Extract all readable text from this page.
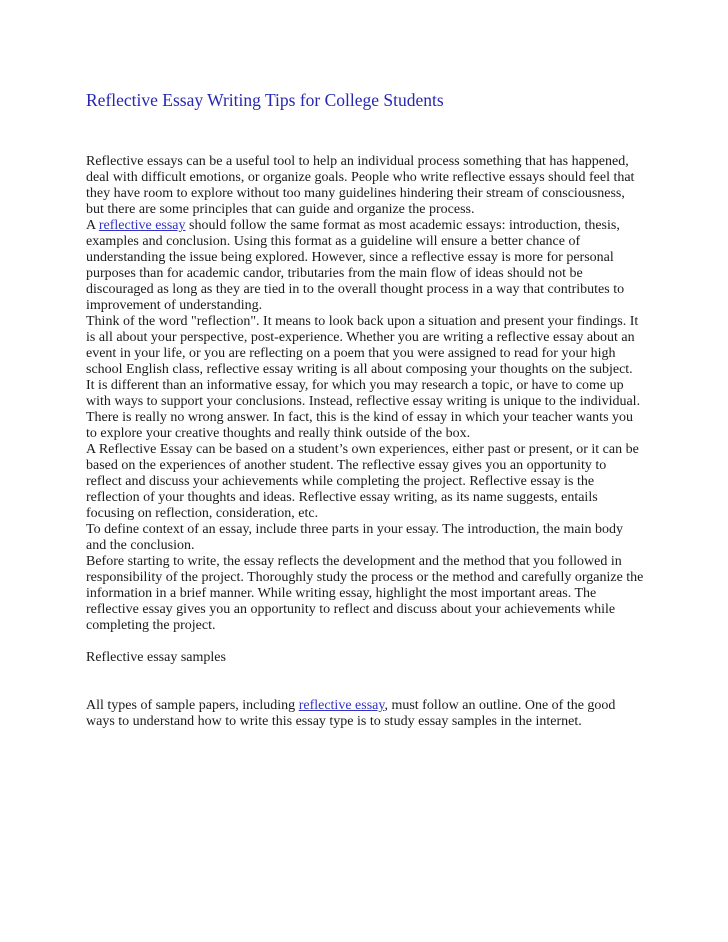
Reflective Essay Writing Tips for College Students

Reflective essays can be a useful tool to help an individual process something that has happened, deal with difficult emotions, or organize goals. People who write reflective essays should feel that they have room to explore without too many guidelines hindering their stream of consciousness, but there are some principles that can guide and organize the process.

A reflective essay should follow the same format as most academic essays: introduction, thesis, examples and conclusion. Using this format as a guideline will ensure a better chance of understanding the issue being explored. However, since a reflective essay is more for personal purposes than for academic candor, tributaries from the main flow of ideas should not be discouraged as long as they are tied in to the overall thought process in a way that contributes to improvement of understanding.

Think of the word "reflection". It means to look back upon a situation and present your findings. It is all about your perspective, post-experience. Whether you are writing a reflective essay about an event in your life, or you are reflecting on a poem that you were assigned to read for your high school English class, reflective essay writing is all about composing your thoughts on the subject.

It is different than an informative essay, for which you may research a topic, or have to come up with ways to support your conclusions. Instead, reflective essay writing is unique to the individual. There is really no wrong answer. In fact, this is the kind of essay in which your teacher wants you to explore your creative thoughts and really think outside of the box.

A Reflective Essay can be based on a student’s own experiences, either past or present, or it can be based on the experiences of another student. The reflective essay gives you an opportunity to reflect and discuss your achievements while completing the project. Reflective essay is the reflection of your thoughts and ideas. Reflective essay writing, as its name suggests, entails focusing on reflection, consideration, etc.

To define context of an essay, include three parts in your essay. The introduction, the main body and the conclusion.

Before starting to write, the essay reflects the development and the method that you followed in responsibility of the project. Thoroughly study the process or the method and carefully organize the information in a brief manner. While writing essay, highlight the most important areas. The reflective essay gives you an opportunity to reflect and discuss about your achievements while completing the project.

Reflective essay samples

All types of sample papers, including reflective essay, must follow an outline. One of the good ways to understand how to write this essay type is to study essay samples in the internet.
